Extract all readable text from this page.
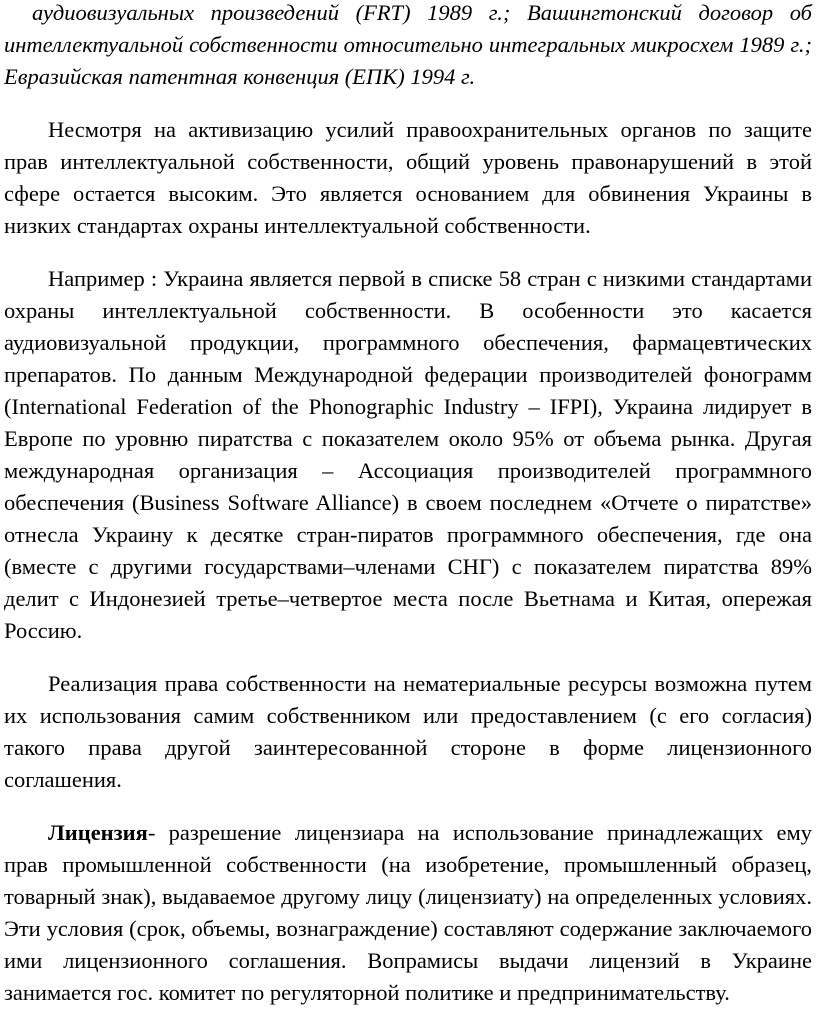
аудиовизуальных произведений (FRT) 1989 г.; Вашингтонский договор об интеллектуальной собственности относительно интегральных микросхем 1989 г.; Евразийская патентная конвенция (ЕПК) 1994 г.

Несмотря на активизацию усилий правоохранительных органов по защите прав интеллектуальной собственности, общий уровень правонарушений в этой сфере остается высоким. Это является основанием для обвинения Украины в низких стандартах охраны интеллектуальной собственности.

Например : Украина является первой в списке 58 стран с низкими стандартами охраны интеллектуальной собственности. В особенности это касается аудиовизуальной продукции, программного обеспечения, фармацевтических препаратов. По данным Международной федерации производителей фонограмм (International Federation of the Phonographic Industry – IFPI), Украина лидирует в Европе по уровню пиратства с показателем около 95% от объема рынка. Другая международная организация – Ассоциация производителей программного обеспечения (Business Software Alliance) в своем последнем «Отчете о пиратстве» отнесла Украину к десятке стран-пиратов программного обеспечения, где она (вместе с другими государствами–членами СНГ) с показателем пиратства 89% делит с Индонезией третье–четвертое места после Вьетнама и Китая, опережая Россию.

Реализация права собственности на нематериальные ресурсы возможна путем их использования самим собственником или предоставлением (с его согласия) такого права другой заинтересованной стороне в форме лицензионного соглашения.

Лицензия- разрешение лицензиара на использование принадлежащих ему прав промышленной собственности (на изобретение, промышленный образец, товарный знак), выдаваемое другому лицу (лицензиату) на определенных условиях. Эти условия (срок, объемы, вознаграждение) составляют содержание заключаемого ими лицензионного соглашения. Вопрамисы выдачи лицензий в Украине занимается гос. комитет по регуляторной политике и предпринимательству.
